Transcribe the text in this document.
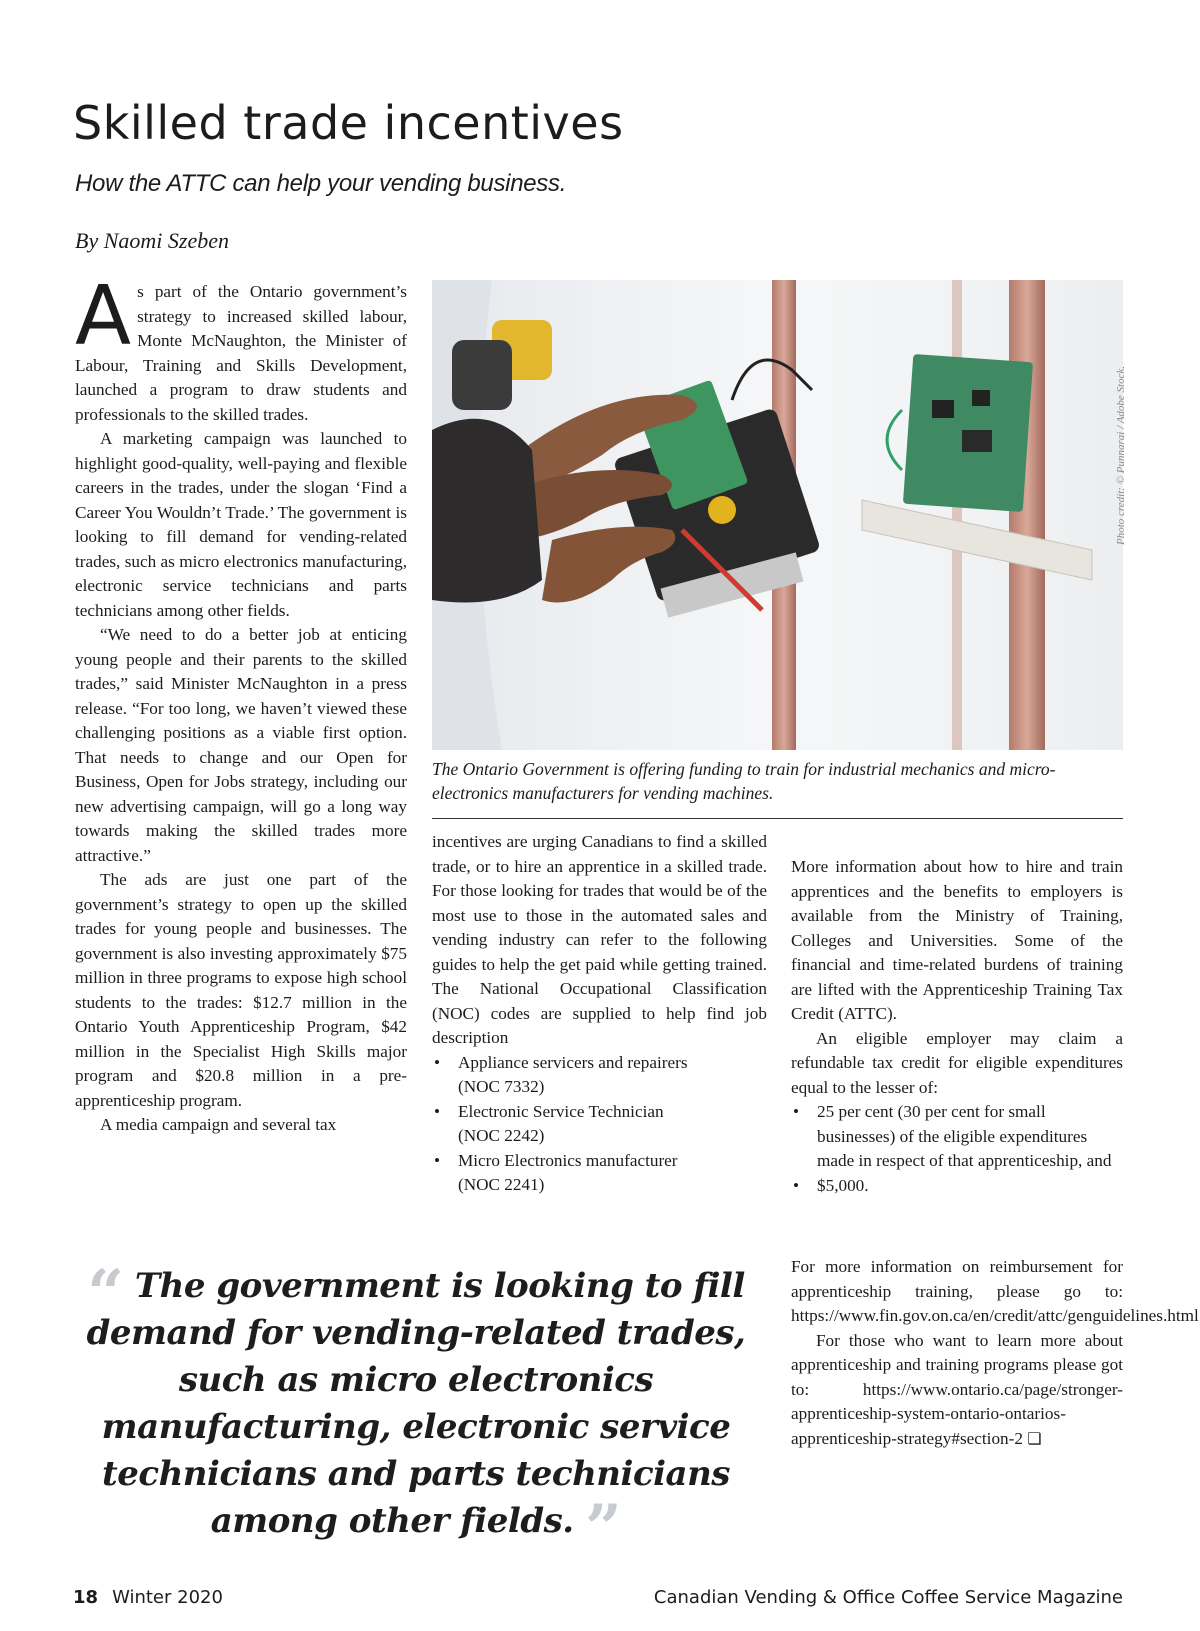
Skilled trade incentives

How the ATTC can help your vending business.

By Naomi Szeben

As part of the Ontario government’s strategy to increased skilled labour, Monte McNaughton, the Minister of Labour, Training and Skills Development, launched a program to draw students and professionals to the skilled trades.

A marketing campaign was launched to highlight good-quality, well-paying and flexible careers in the trades, under the slogan ‘Find a Career You Wouldn’t Trade.’ The government is looking to fill demand for vending-related trades, such as micro electronics manufacturing, electronic service technicians and parts technicians among other fields.

“We need to do a better job at enticing young people and their parents to the skilled trades,” said Minister McNaughton in a press release. “For too long, we haven’t viewed these challenging positions as a viable first option. That needs to change and our Open for Business, Open for Jobs strategy, including our new advertising campaign, will go a long way towards making the skilled trades more attractive.”

The ads are just one part of the government’s strategy to open up the skilled trades for young people and businesses. The government is also investing approximately $75 million in three programs to expose high school students to the trades: $12.7 million in the Ontario Youth Apprenticeship Program, $42 million in the Specialist High Skills major program and $20.8 million in a pre-apprenticeship program.

A media campaign and several tax

Photo credit: © Punnarai / Adobe Stock.

The Ontario Government is offering funding to train for industrial mechanics and micro-electronics manufacturers for vending machines.

incentives are urging Canadians to find a skilled trade, or to hire an apprentice in a skilled trade. For those looking for trades that would be of the most use to those in the automated sales and vending industry can refer to the following guides to help the get paid while getting trained. The National Occupational Classification (NOC) codes are supplied to help find job description

• Appliance servicers and repairers
(NOC 7332)
• Electronic Service Technician
(NOC 2242)
• Micro Electronics manufacturer
(NOC 2241)

More information about how to hire and train apprentices and the benefits to employers is available from the Ministry of Training, Colleges and Universities. Some of the financial and time-related burdens of training are lifted with the Apprenticeship Training Tax Credit (ATTC).

An eligible employer may claim a refundable tax credit for eligible expenditures equal to the lesser of:

• 25 per cent (30 per cent for small businesses) of the eligible expenditures made in respect of that apprenticeship, and
• $5,000.

“ The government is looking to fill demand for vending-related trades, such as micro electronics manufacturing, electronic service technicians and parts technicians among other fields. ”

For more information on reimbursement for apprenticeship training, please go to: https://www.fin.gov.on.ca/en/credit/attc/genguidelines.html

For those who want to learn more about apprenticeship and training programs please got to: https://www.ontario.ca/page/stronger-apprenticeship-system-ontario-ontarios-apprenticeship-strategy#section-2 ❏

18 Winter 2020	Canadian Vending & Office Coffee Service Magazine
